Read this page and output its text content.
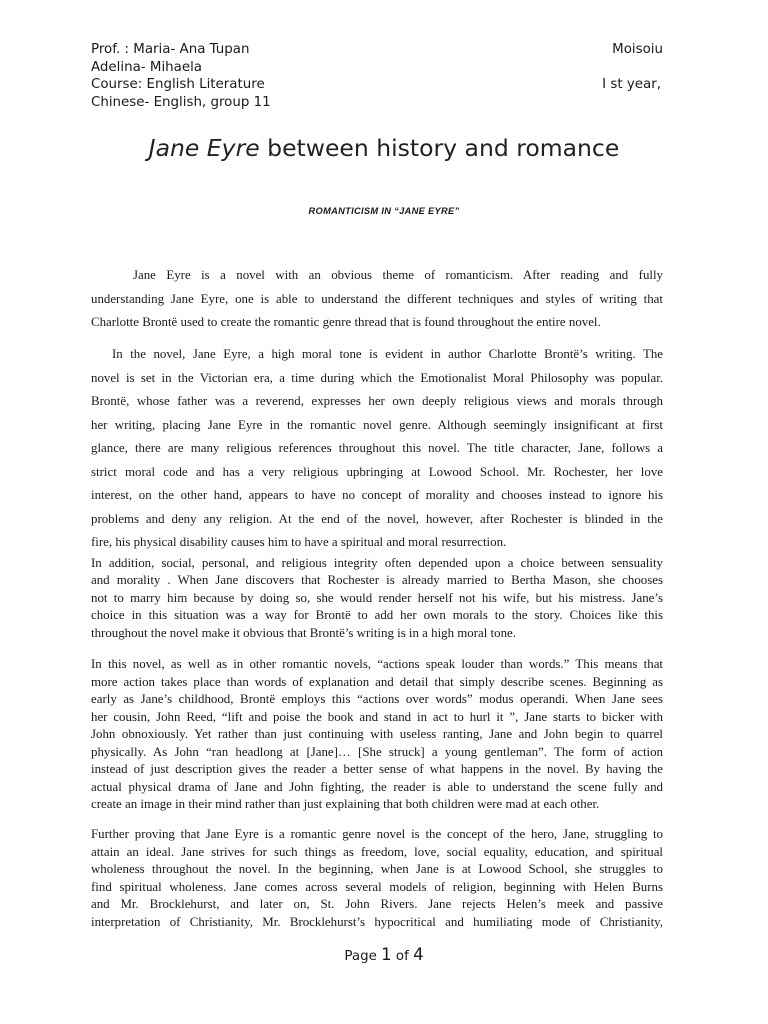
Prof. : Maria- Ana Tupan	Moisoiu
Adelina- Mihaela
Course: English Literature	I st year,
Chinese- English, group 11
Jane Eyre between history and romance
ROMANTICISM IN “JANE EYRE”

Jane Eyre is a novel with an obvious theme of romanticism. After reading and fully
understanding Jane Eyre, one is able to understand the different techniques and styles of writing that
Charlotte Brontë used to create the romantic genre thread that is found throughout the entire novel.

In the novel, Jane Eyre, a high moral tone is evident in author Charlotte Brontë’s writing. The
novel is set in the Victorian era, a time during which the Emotionalist Moral Philosophy was popular.
Brontë, whose father was a reverend, expresses her own deeply religious views and morals through
her writing, placing Jane Eyre in the romantic novel genre. Although seemingly insignificant at first
glance, there are many religious references throughout this novel. The title character, Jane, follows a
strict moral code and has a very religious upbringing at Lowood School. Mr. Rochester, her love
interest, on the other hand, appears to have no concept of morality and chooses instead to ignore his
problems and deny any religion. At the end of the novel, however, after Rochester is blinded in the
fire, his physical disability causes him to have a spiritual and moral resurrection.

In addition, social, personal, and religious integrity often depended upon a choice between sensuality
and morality . When Jane discovers that Rochester is already married to Bertha Mason, she chooses
not to marry him because by doing so, she would render herself not his wife, but his mistress. Jane’s
choice in this situation was a way for Brontë to add her own morals to the story. Choices like this
throughout the novel make it obvious that Brontë’s writing is in a high moral tone.

In this novel, as well as in other romantic novels, “actions speak louder than words.” This means that
more action takes place than words of explanation and detail that simply describe scenes. Beginning as
early as Jane’s childhood, Brontë employs this “actions over words” modus operandi. When Jane sees
her cousin, John Reed, “lift and poise the book and stand in act to hurl it ”, Jane starts to bicker with
John obnoxiously. Yet rather than just continuing with useless ranting, Jane and John begin to quarrel
physically. As John “ran headlong at [Jane]… [She struck] a young gentleman”. The form of action
instead of just description gives the reader a better sense of what happens in the novel. By having the
actual physical drama of Jane and John fighting, the reader is able to understand the scene fully and
create an image in their mind rather than just explaining that both children were mad at each other.

Further proving that Jane Eyre is a romantic genre novel is the concept of the hero, Jane, struggling to
attain an ideal. Jane strives for such things as freedom, love, social equality, education, and spiritual
wholeness throughout the novel. In the beginning, when Jane is at Lowood School, she struggles to
find spiritual wholeness. Jane comes across several models of religion, beginning with Helen Burns
and Mr. Brocklehurst, and later on, St. John Rivers. Jane rejects Helen’s meek and passive
interpretation of Christianity, Mr. Brocklehurst’s hypocritical and humiliating mode of Christianity,

Page 1 of 4
